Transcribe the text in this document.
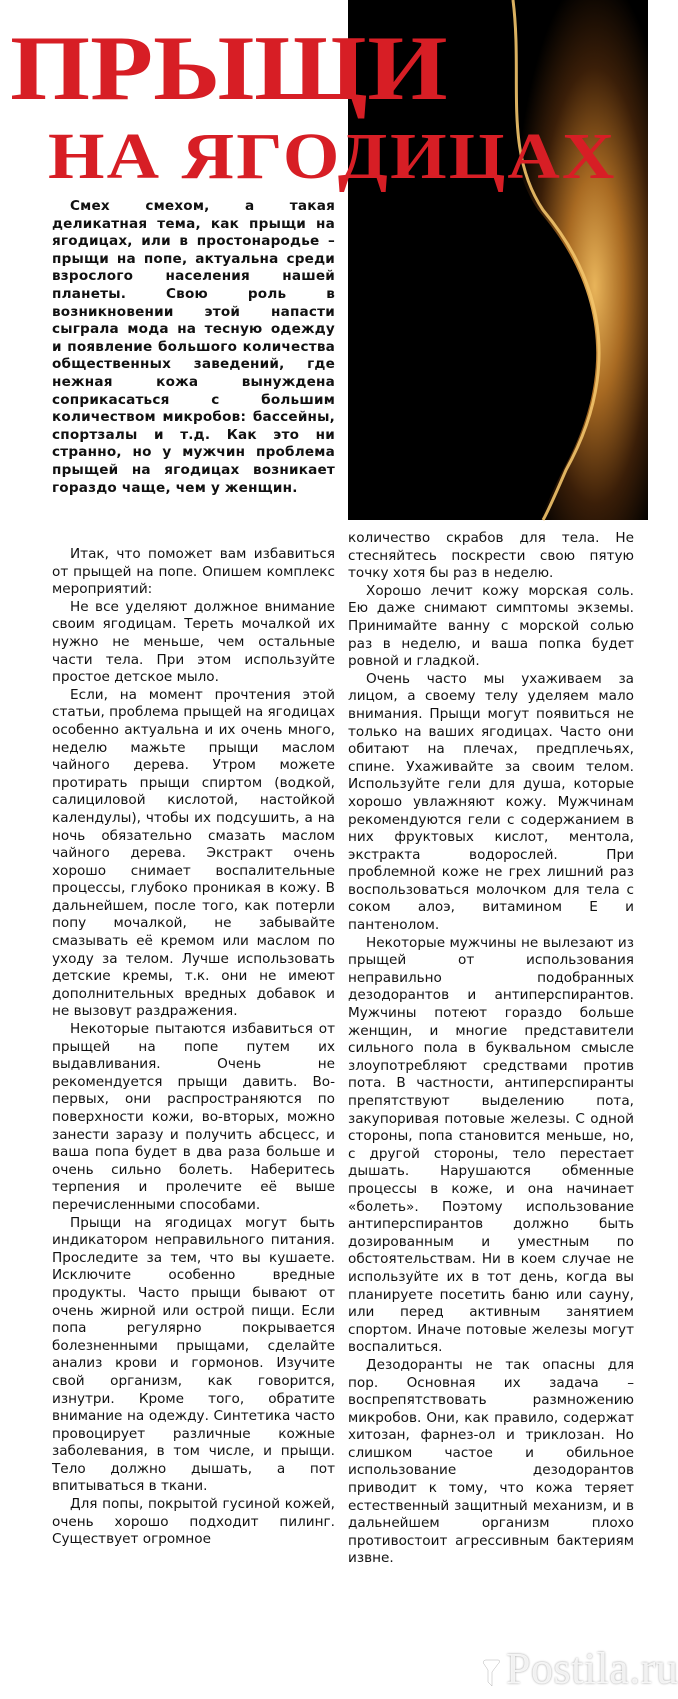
ПРЫЩИ
НА ЯГОДИЦАХ

Смех смехом, а такая деликатная тема, как прыщи на ягодицах, или в простонародье – прыщи на попе, актуальна среди взрослого населения нашей планеты. Свою роль в возникновении этой напасти сыграла мода на тесную одежду и появление большого количества общественных заведений, где нежная кожа вынуждена соприкасаться с большим количеством микробов: бассейны, спортзалы и т.д. Как это ни странно, но у мужчин проблема прыщей на ягодицах возникает гораздо чаще, чем у женщин.

Итак, что поможет вам избавиться от прыщей на попе. Опишем комплекс мероприятий:

Не все уделяют должное внимание своим ягодицам. Тереть мочалкой их нужно не меньше, чем остальные части тела. При этом используйте простое детское мыло.

Если, на момент прочтения этой статьи, проблема прыщей на ягодицах особенно актуальна и их очень много, неделю мажьте прыщи маслом чайного дерева. Утром можете протирать прыщи спиртом (водкой, салициловой кислотой, настойкой календулы), чтобы их подсушить, а на ночь обязательно смазать маслом чайного дерева. Экстракт очень хорошо снимает воспалительные процессы, глубоко проникая в кожу. В дальнейшем, после того, как потерли попу мочалкой, не забывайте смазывать её кремом или маслом по уходу за телом. Лучше использовать детские кремы, т.к. они не имеют дополнительных вредных добавок и не вызовут раздражения.

Некоторые пытаются избавиться от прыщей на попе путем их выдавливания. Очень не рекомендуется прыщи давить. Во-первых, они распространяются по поверхности кожи, во-вторых, можно занести заразу и получить абсцесс, и ваша попа будет в два раза больше и очень сильно болеть. Наберитесь терпения и пролечите её выше перечисленными способами.

Прыщи на ягодицах могут быть индикатором неправильного питания. Проследите за тем, что вы кушаете. Исключите особенно вредные продукты. Часто прыщи бывают от очень жирной или острой пищи. Если попа регулярно покрывается болезненными прыщами, сделайте анализ крови и гормонов. Изучите свой организм, как говорится, изнутри. Кроме того, обратите внимание на одежду. Синтетика часто провоцирует различные кожные заболевания, в том числе, и прыщи. Тело должно дышать, а пот впитываться в ткани.

Для попы, покрытой гусиной кожей, очень хорошо подходит пилинг. Существует огромное

количество скрабов для тела. Не стесняйтесь поскрести свою пятую точку хотя бы раз в неделю.

Хорошо лечит кожу морская соль. Ею даже снимают симптомы экземы. Принимайте ванну с морской солью раз в неделю, и ваша попка будет ровной и гладкой.

Очень часто мы ухаживаем за лицом, а своему телу уделяем мало внимания. Прыщи могут появиться не только на ваших ягодицах. Часто они обитают на плечах, предплечьях, спине. Ухаживайте за своим телом. Используйте гели для душа, которые хорошо увлажняют кожу. Мужчинам рекомендуются гели с содержанием в них фруктовых кислот, ментола, экстракта водорослей. При проблемной коже не грех лишний раз воспользоваться молочком для тела с соком алоэ, витамином Е и пантенолом.

Некоторые мужчины не вылезают из прыщей от использования неправильно подобранных дезодорантов и антиперспирантов. Мужчины потеют гораздо больше женщин, и многие представители сильного пола в буквальном смысле злоупотребляют средствами против пота. В частности, антиперспиранты препятствуют выделению пота, закупоривая потовые железы. С одной стороны, попа становится меньше, но, с другой стороны, тело перестает дышать. Нарушаются обменные процессы в коже, и она начинает «болеть». Поэтому использование антиперспирантов должно быть дозированным и уместным по обстоятельствам. Ни в коем случае не используйте их в тот день, когда вы планируете посетить баню или сауну, или перед активным занятием спортом. Иначе потовые железы могут воспалиться.

Дезодоранты не так опасны для пор. Основная их задача – воспрепятствовать размножению микробов. Они, как правило, содержат хитозан, фарнез-ол и триклозан. Но слишком частое и обильное использование дезодорантов приводит к тому, что кожа теряет естественный защитный механизм, и в дальнейшем организм плохо противостоит агрессивным бактериям извне.

Postila.ru
